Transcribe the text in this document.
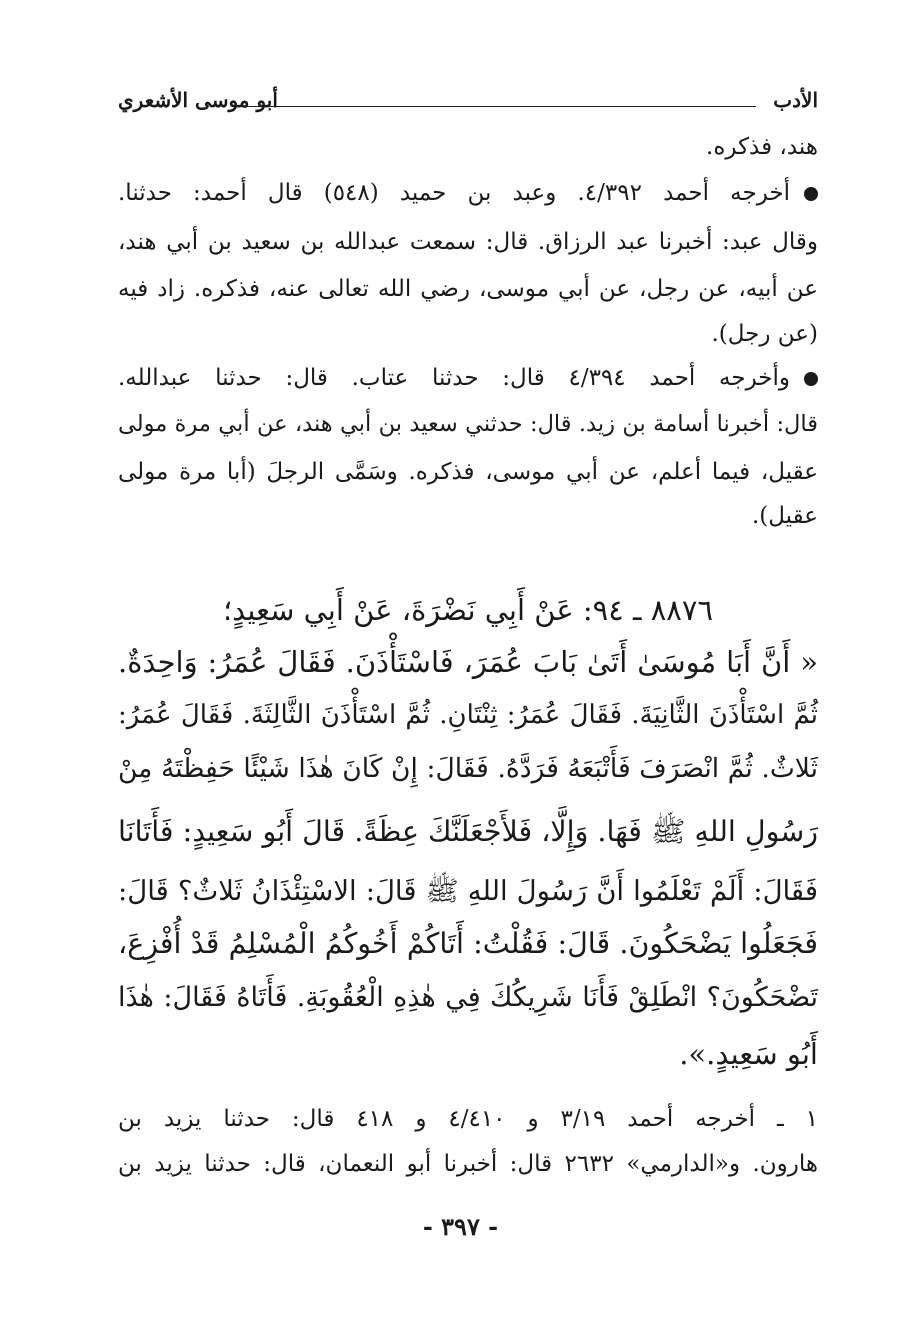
الأدب
أبو موسى الأشعري
هند، فذكره.
أخرجه أحمد ٤/٣٩٢. وعبد بن حميد (٥٤٨) قال أحمد: حدثنا.
وقال عبد: أخبرنا عبد الرزاق. قال: سمعت عبدالله بن سعيد بن أبي هند،
عن أبيه، عن رجل، عن أبي موسى، رضي الله تعالى عنه، فذكره. زاد فيه
(عن رجل).
وأخرجه أحمد ٤/٣٩٤ قال: حدثنا عتاب. قال: حدثنا عبدالله.
قال: أخبرنا أسامة بن زيد. قال: حدثني سعيد بن أبي هند، عن أبي مرة مولى
عقيل، فيما أعلم، عن أبي موسى، فذكره. وسَمَّى الرجلَ (أبا مرة مولى
عقيل).
٨٨٧٦ ـ ٩٤: عَنْ أَبِي نَضْرَةَ، عَنْ أَبِي سَعِيدٍ؛
« أَنَّ أَبَا مُوسَىٰ أَتَىٰ بَابَ عُمَرَ، فَاسْتَأْذَنَ. فَقَالَ عُمَرُ: وَاحِدَةٌ.
ثُمَّ اسْتَأْذَنَ الثَّانِيَةَ. فَقَالَ عُمَرُ: ثِنْتَانِ. ثُمَّ اسْتَأْذَنَ الثَّالِثَةَ. فَقَالَ عُمَرُ:
ثَلاثٌ. ثُمَّ انْصَرَفَ فَأَتْبَعَهُ فَرَدَّهُ. فَقَالَ: إِنْ كَانَ هٰذَا شَيْئًا حَفِظْتَهُ مِنْ
رَسُولِ اللهِ ﷺ فَهَا. وَإِلَّا، فَلأَجْعَلَنَّكَ عِظَةً. قَالَ أَبُو سَعِيدٍ: فَأَتَانَا
فَقَالَ: أَلَمْ تَعْلَمُوا أَنَّ رَسُولَ اللهِ ﷺ قَالَ: الاسْتِئْذَانُ ثَلاثٌ؟ قَالَ:
فَجَعَلُوا يَضْحَكُونَ. قَالَ: فَقُلْتُ: أَتَاكُمْ أَخُوكُمُ الْمُسْلِمُ قَدْ أُفْزِعَ،
تَضْحَكُونَ؟ انْطَلِقْ فَأَنَا شَرِيكُكَ فِي هٰذِهِ الْعُقُوبَةِ. فَأَتَاهُ فَقَالَ: هٰذَا
أَبُو سَعِيدٍ.».
١ ـ أخرجه أحمد ٣/١٩ و ٤/٤١٠ و ٤١٨ قال: حدثنا يزيد بن
هارون. و«الدارمي» ٢٦٣٢ قال: أخبرنا أبو النعمان، قال: حدثنا يزيد بن
- ٣٩٧ -
